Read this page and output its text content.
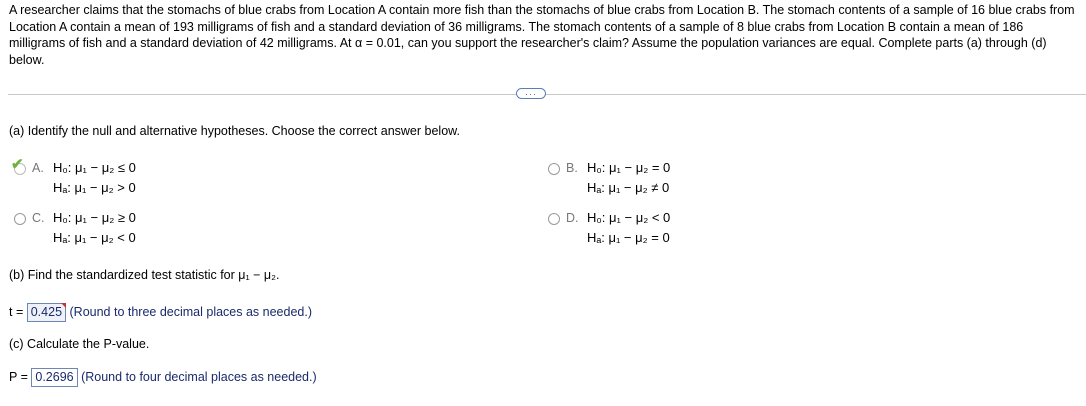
A researcher claims that the stomachs of blue crabs from Location A contain more fish than the stomachs of blue crabs from Location B. The stomach contents of a sample of 16 blue crabs from Location A contain a mean of 193 milligrams of fish and a standard deviation of 36 milligrams. The stomach contents of a sample of 8 blue crabs from Location B contain a mean of 186 milligrams of fish and a standard deviation of 42 milligrams. At α = 0.01, can you support the researcher's claim? Assume the population variances are equal. Complete parts (a) through (d) below.
···
(a) Identify the null and alternative hypotheses. Choose the correct answer below.
✔ A. H₀: μ₁ − μ₂ ≤ 0
Hₐ: μ₁ − μ₂ > 0
B. H₀: μ₁ − μ₂ = 0
Hₐ: μ₁ − μ₂ ≠ 0
C. H₀: μ₁ − μ₂ ≥ 0
Hₐ: μ₁ − μ₂ < 0
D. H₀: μ₁ − μ₂ < 0
Hₐ: μ₁ − μ₂ = 0
(b) Find the standardized test statistic for μ₁ − μ₂.
t = 0.425 (Round to three decimal places as needed.)
(c) Calculate the P-value.
P = 0.2696 (Round to four decimal places as needed.)
